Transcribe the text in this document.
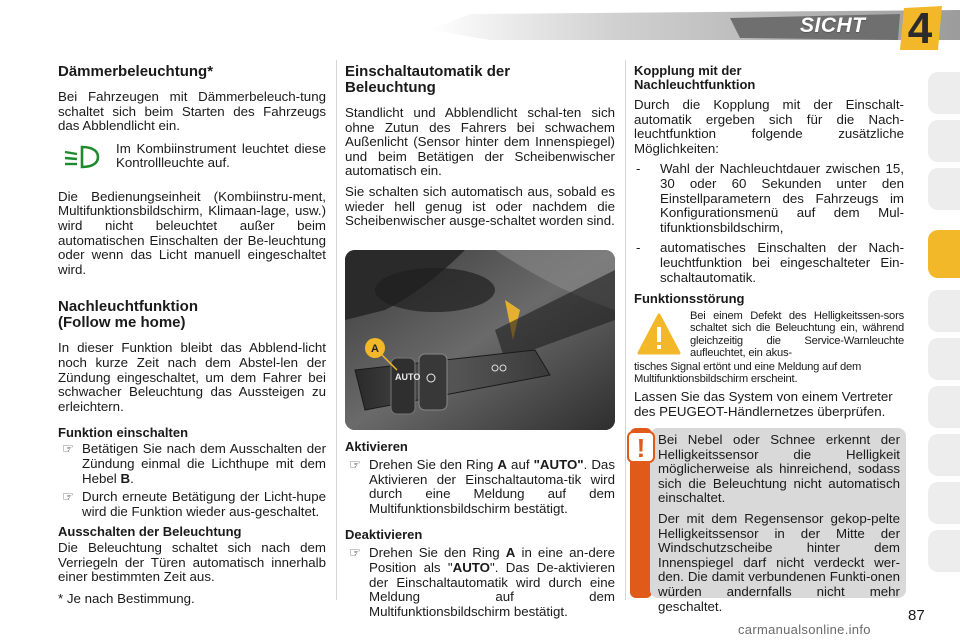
SICHT 4
Dämmerbeleuchtung*

Bei Fahrzeugen mit Dämmerbeleuch-tung schaltet sich beim Starten des Fahrzeugs das Abblendlicht ein.

Im Kombiinstrument leuchtet diese Kontrollleuchte auf.

Die Bedienungseinheit (Kombiinstru-ment, Multifunktionsbildschirm, Klimaan-lage, usw.) wird nicht beleuchtet außer beim automatischen Einschalten der Be-leuchtung oder wenn das Licht manuell eingeschaltet wird.

Nachleuchtfunktion
(Follow me home)

In dieser Funktion bleibt das Abblend-licht noch kurze Zeit nach dem Abstel-len der Zündung eingeschaltet, um dem Fahrer bei schwacher Beleuchtung das Aussteigen zu erleichtern.

Funktion einschalten
☞ Betätigen Sie nach dem Ausschalten der Zündung einmal die Lichthupe mit dem Hebel B.
☞ Durch erneute Betätigung der Licht-hupe wird die Funktion wieder aus-geschaltet.
Ausschalten der Beleuchtung

Die Beleuchtung schaltet sich nach dem Verriegeln der Türen automatisch innerhalb einer bestimmten Zeit aus.

* Je nach Bestimmung.
Einschaltautomatik der
Beleuchtung

Standlicht und Abblendlicht schal-ten sich ohne Zutun des Fahrers bei schwachem Außenlicht (Sensor hinter dem Innenspiegel) und beim Betätigen der Scheibenwischer automatisch ein.

Sie schalten sich automatisch aus, sobald es wieder hell genug ist oder nachdem die Scheibenwischer ausge-schaltet worden sind.

A
AUTO
Aktivieren
☞ Drehen Sie den Ring A auf "AUTO". Das Aktivieren der Einschaltautoma-tik wird durch eine Meldung auf dem Multifunktionsbildschirm bestätigt.
Deaktivieren
☞ Drehen Sie den Ring A in eine an-dere Position als "AUTO". Das De-aktivieren der Einschaltautomatik wird durch eine Meldung auf dem Multifunktionsbildschirm bestätigt.
Kopplung mit der
Nachleuchtfunktion

Durch die Kopplung mit der Einschalt-automatik ergeben sich für die Nach-leuchtfunktion folgende zusätzliche Möglichkeiten:

- Wahl der Nachleuchtdauer zwischen 15, 30 oder 60 Sekunden unter den Einstellparametern des Fahrzeugs im Konfigurationsmenü auf dem Mul-tifunktionsbildschirm,
- automatisches Einschalten der Nach-leuchtfunktion bei eingeschalteter Ein-schaltautomatik.
Funktionsstörung
Bei einem Defekt des Helligkeitssen-sors schaltet sich die Beleuchtung ein, während gleichzeitig die Service-Warnleuchte aufleuchtet, ein akus-
tisches Signal ertönt und eine Meldung auf dem Multifunktionsbildschirm erscheint.
Lassen Sie das System von einem Vertreter des PEUGEOT-Händlernetzes überprüfen.
! Bei Nebel oder Schnee erkennt der Helligkeitssensor die Helligkeit möglicherweise als hinreichend, sodass sich die Beleuchtung nicht automatisch einschaltet.

Der mit dem Regensensor gekop-pelte Helligkeitssensor in der Mitte der Windschutzscheibe hinter dem Innenspiegel darf nicht verdeckt wer-den. Die damit verbundenen Funkti-onen würden andernfalls nicht mehr geschaltet.

87
carmanualsonline.info
